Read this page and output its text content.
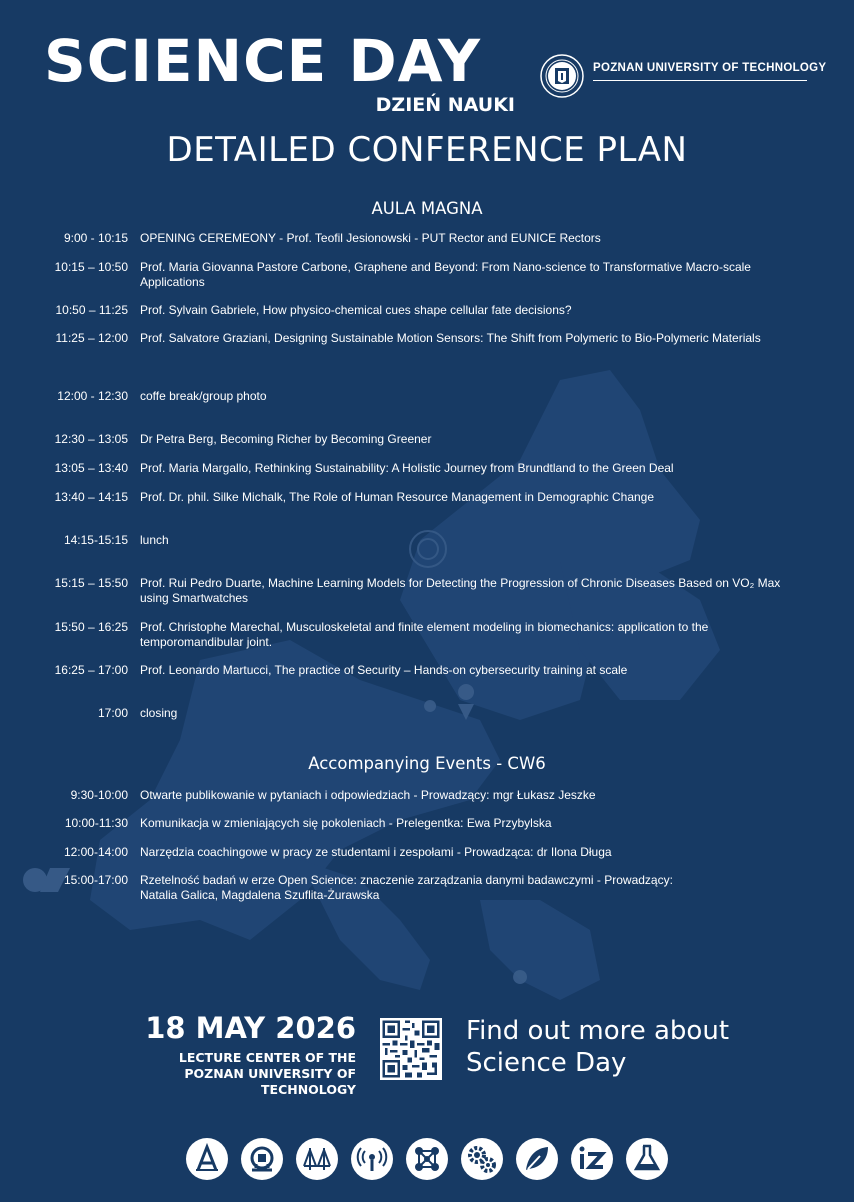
SCIENCE DAY
DZIEŃ NAUKI
POZNAN UNIVERSITY OF TECHNOLOGY
DETAILED CONFERENCE PLAN
AULA MAGNA
9:00 - 10:15 OPENING CEREMEONY - Prof. Teofil Jesionowski - PUT Rector and EUNICE Rectors
10:15 – 10:50 Prof. Maria Giovanna Pastore Carbone, Graphene and Beyond: From Nano-science to Transformative Macro-scale Applications
10:50 – 11:25 Prof. Sylvain Gabriele, How physico-chemical cues shape cellular fate decisions?
11:25 – 12:00 Prof. Salvatore Graziani, Designing Sustainable Motion Sensors: The Shift from Polymeric to Bio-Polymeric Materials
12:00 - 12:30 coffe break/group photo
12:30 – 13:05 Dr Petra Berg, Becoming Richer by Becoming Greener
13:05 – 13:40 Prof. Maria Margallo, Rethinking Sustainability: A Holistic Journey from Brundtland to the Green Deal
13:40 – 14:15 Prof. Dr. phil. Silke Michalk, The Role of Human Resource Management in Demographic Change
14:15-15:15 lunch
15:15 – 15:50 Prof. Rui Pedro Duarte, Machine Learning Models for Detecting the Progression of Chronic Diseases Based on VO₂ Max using Smartwatches
15:50 – 16:25 Prof. Christophe Marechal, Musculoskeletal and finite element modeling in biomechanics: application to the temporomandibular joint.
16:25 – 17:00 Prof. Leonardo Martucci, The practice of Security – Hands-on cybersecurity training at scale
17:00 closing
Accompanying Events - CW6
9:30-10:00 Otwarte publikowanie w pytaniach i odpowiedziach - Prowadzący: mgr Łukasz Jeszke
10:00-11:30 Komunikacja w zmieniających się pokoleniach - Prelegentka: Ewa Przybylska
12:00-14:00 Narzędzia coachingowe w pracy ze studentami i zespołami - Prowadząca: dr Ilona Długa
15:00-17:00 Rzetelność badań w erze Open Science: znaczenie zarządzania danymi badawczymi - Prowadzący: Natalia Galica, Magdalena Szuflita-Żurawska
18 MAY 2026
LECTURE CENTER OF THE POZNAN UNIVERSITY OF TECHNOLOGY
Find out more about Science Day
